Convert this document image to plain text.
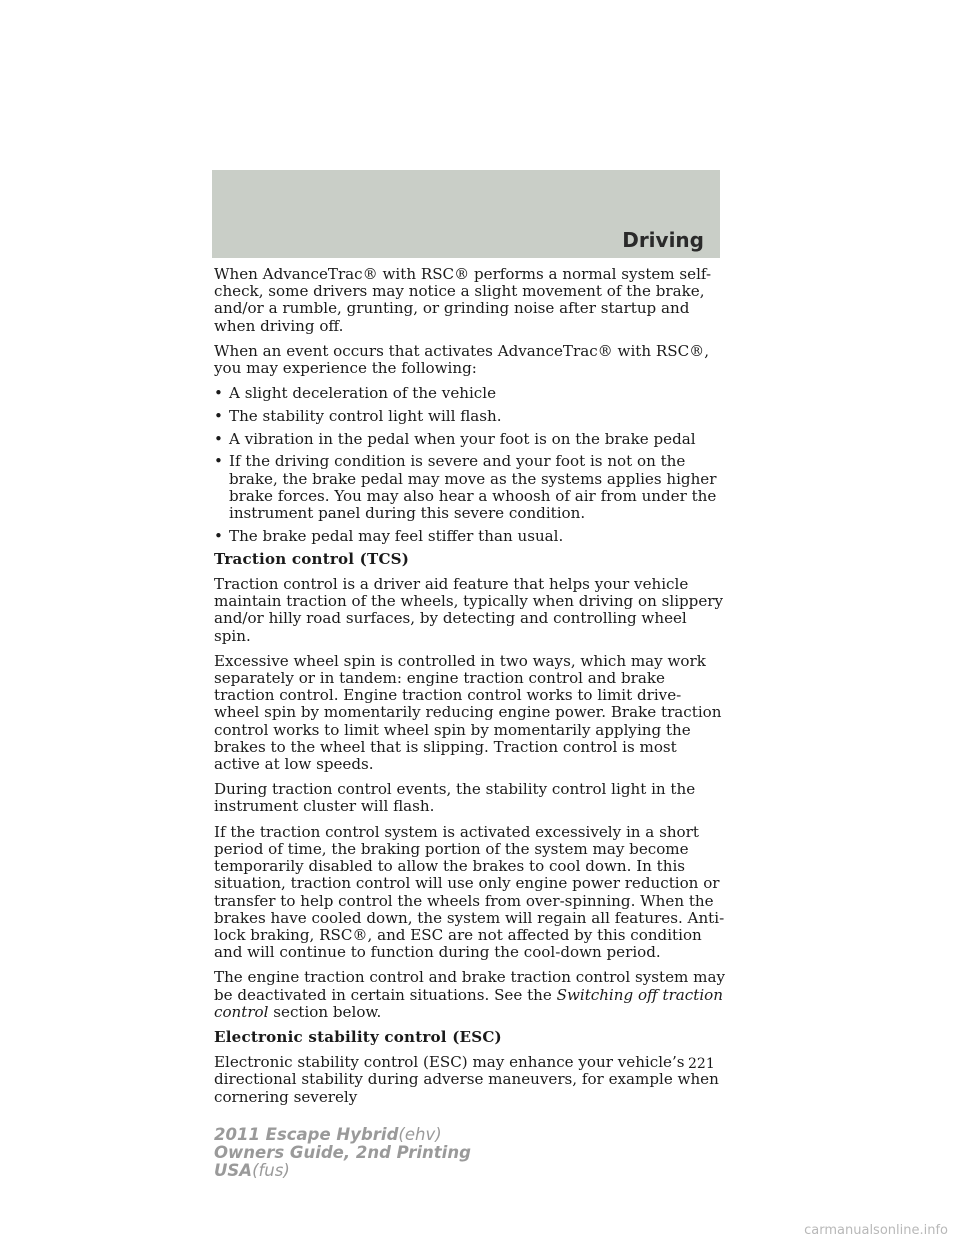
Driving

When AdvanceTrac® with RSC® performs a normal system self-check, some drivers may notice a slight movement of the brake, and/or a rumble, grunting, or grinding noise after startup and when driving off.

When an event occurs that activates AdvanceTrac® with RSC®, you may experience the following:

• A slight deceleration of the vehicle
• The stability control light will flash.
• A vibration in the pedal when your foot is on the brake pedal
• If the driving condition is severe and your foot is not on the brake, the brake pedal may move as the systems applies higher brake forces. You may also hear a whoosh of air from under the instrument panel during this severe condition.
• The brake pedal may feel stiffer than usual.
Traction control (TCS)

Traction control is a driver aid feature that helps your vehicle maintain traction of the wheels, typically when driving on slippery and/or hilly road surfaces, by detecting and controlling wheel spin.

Excessive wheel spin is controlled in two ways, which may work separately or in tandem: engine traction control and brake traction control. Engine traction control works to limit drive-wheel spin by momentarily reducing engine power. Brake traction control works to limit wheel spin by momentarily applying the brakes to the wheel that is slipping. Traction control is most active at low speeds.

During traction control events, the stability control light in the instrument cluster will flash.

If the traction control system is activated excessively in a short period of time, the braking portion of the system may become temporarily disabled to allow the brakes to cool down. In this situation, traction control will use only engine power reduction or transfer to help control the wheels from over-spinning. When the brakes have cooled down, the system will regain all features. Anti-lock braking, RSC®, and ESC are not affected by this condition and will continue to function during the cool-down period.

The engine traction control and brake traction control system may be deactivated in certain situations. See the Switching off traction control section below.

Electronic stability control (ESC)

Electronic stability control (ESC) may enhance your vehicle’s directional stability during adverse maneuvers, for example when cornering severely

221
2011 Escape Hybrid(ehv)
Owners Guide, 2nd Printing
USA(fus)
carmanualsonline.info
